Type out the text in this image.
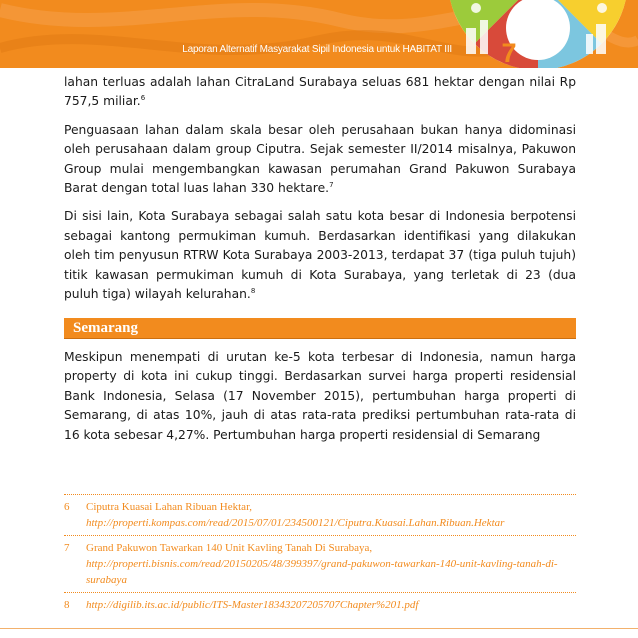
Laporan Alternatif Masyarakat Sipil Indonesia untuk HABITAT III	7

lahan terluas adalah lahan CitraLand Surabaya seluas 681 hektar dengan nilai Rp 757,5 miliar.$^6$

Penguasaan lahan dalam skala besar oleh perusahaan bukan hanya didominasi oleh perusahaan dalam group Ciputra. Sejak semester II/2014 misalnya, Pakuwon Group mulai mengembangkan kawasan perumahan Grand Pakuwon Surabaya Barat dengan total luas lahan 330 hektare.$^7$

Di sisi lain, Kota Surabaya sebagai salah satu kota besar di Indonesia berpotensi sebagai kantong permukiman kumuh. Berdasarkan identifikasi yang dilakukan oleh tim penyusun RTRW Kota Surabaya 2003-2013, terdapat 37 (tiga puluh tujuh) titik kawasan permukiman kumuh di Kota Surabaya, yang terletak di 23 (dua puluh tiga) wilayah kelurahan.$^8$

Semarang
Meskipun menempati di urutan ke-5 kota terbesar di Indonesia, namun harga property di kota ini cukup tinggi. Berdasarkan survei harga properti residensial Bank Indonesia, Selasa (17 November 2015), pertumbuhan harga properti di Semarang, di atas 10%, jauh di atas rata-rata prediksi pertumbuhan rata-rata di 16 kota sebesar 4,27%. Pertumbuhan harga properti residensial di Semarang
6	Ciputra Kuasai Lahan Ribuan Hektar, http://properti.kompas.com/read/2015/07/01/234500121/Ciputra.Kuasai.Lahan.Ribuan.Hektar
7	Grand Pakuwon Tawarkan 140 Unit Kavling Tanah Di Surabaya, http://properti.bisnis.com/read/20150205/48/399397/grand-pakuwon-tawarkan-140-unit-kavling-tanah-di-surabaya
8	http://digilib.its.ac.id/public/ITS-Master18343207205707Chapter%201.pdf
